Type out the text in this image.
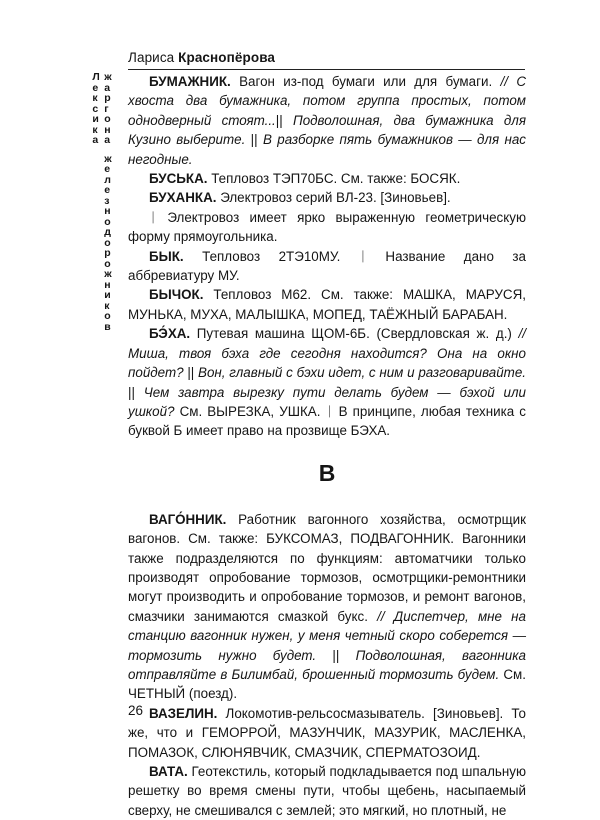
Лариса Краснопёрова
Л
е
к
с
и
к
а
ж
а
р
г
о
н
а
ж
е
л
е
з
н
о
д
о
р
о
ж
н
и
к
о
в

БУМАЖНИК. Вагон из-под бумаги или для бумаги. // С хвоста два бумажника, потом группа простых, потом однодверный стоят...|| Подволошная, два бумажника для Кузино выберите. || В разборке пять бумажников — для нас негодные.

БУСЬКА. Тепловоз ТЭП70БС. См. также: БОСЯК.

БУХАНКА. Электровоз серий ВЛ-23. [Зиновьев].

ᛁ Электровоз имеет ярко выраженную геометрическую форму прямоугольника.

БЫК. Тепловоз 2ТЭ10МУ. ᛁ Название дано за аббревиатуру МУ.

БЫЧОК. Тепловоз М62. См. также: МАШКА, МАРУСЯ, МУНЬКА, МУХА, МАЛЫШКА, МОПЕД, ТАЁЖНЫЙ БАРАБАН.

БЭ́ХА. Путевая машина ЩОМ-6Б. (Свердловская ж. д.) // Миша, твоя бэха где сегодня находится? Она на окно пойдет? || Вон, главный с бэхи идет, с ним и разговаривайте. || Чем завтра вырезку пути делать будем — бэхой или ушкой? См. ВЫРЕЗКА, УШКА. ᛁ В принципе, любая техника с буквой Б имеет право на прозвище БЭХА.

В

ВАГО́ННИК. Работник вагонного хозяйства, осмотрщик вагонов. См. также: БУКСОМАЗ, ПОДВАГОННИК. Вагонники также подразделяются по функциям: автоматчики только производят опробование тормозов, осмотрщики-ремонтники могут производить и опробование тормозов, и ремонт вагонов, смазчики занимаются смазкой букс. // Диспетчер, мне на станцию вагонник нужен, у меня четный скоро соберется — тормозить нужно будет. || Подволошная, вагонника отправляйте в Билимбай, брошенный тормозить будем. См. ЧЕТНЫЙ (поезд).

ВАЗЕЛИН. Локомотив-рельсосмазыватель. [Зиновьев]. То же, что и ГЕМОРРОЙ, МАЗУНЧИК, МАЗУРИК, МАСЛЕНКА, ПОМАЗОК, СЛЮНЯВЧИК, СМАЗЧИК, СПЕРМАТОЗОИД.

ВАТА. Геотекстиль, который подкладывается под шпальную решетку во время смены пути, чтобы щебень, насыпаемый сверху, не смешивался с землей; это мягкий, но плотный, не

26
